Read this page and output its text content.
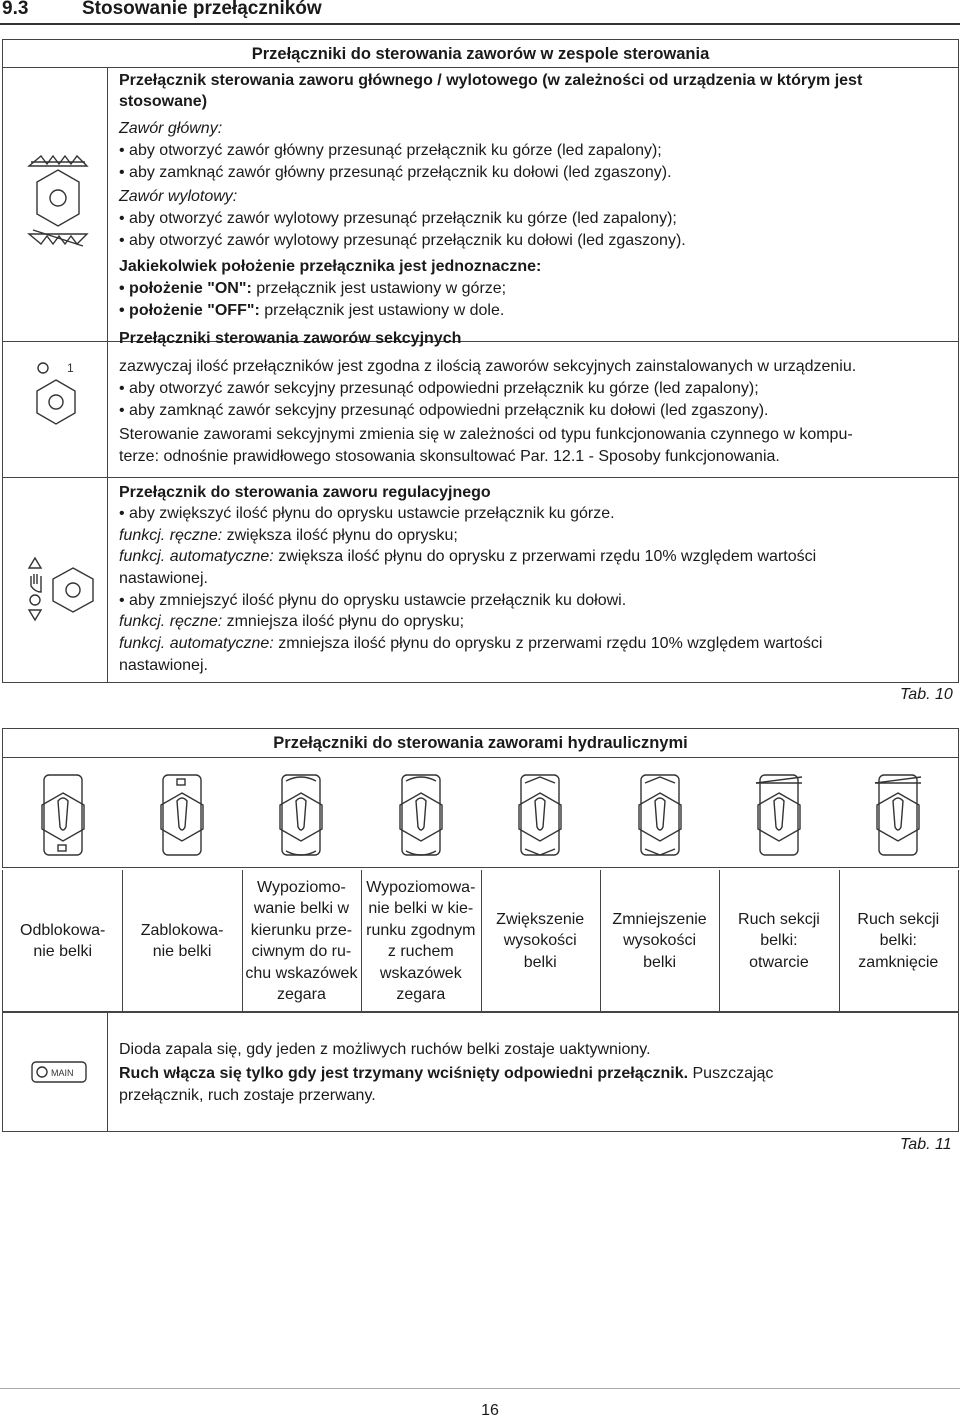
9.3	Stosowanie przełączników
Przełączniki do sterowania zaworów w zespole sterowania
1
Przełącznik sterowania zaworu głównego / wylotowego (w zależności od urządzenia w którym jest
stosowane)
Zawór główny:
• aby otworzyć zawór główny przesunąć przełącznik ku górze (led zapalony);
• aby zamknąć zawór główny przesunąć przełącznik ku dołowi (led zgaszony).
Zawór wylotowy:
• aby otworzyć zawór wylotowy przesunąć przełącznik ku górze (led zapalony);
• aby otworzyć zawór wylotowy przesunąć przełącznik ku dołowi (led zgaszony).
Jakiekolwiek położenie przełącznika jest jednoznaczne:
• położenie "ON": przełącznik jest ustawiony w górze;
• położenie "OFF": przełącznik jest ustawiony w dole.
Przełączniki sterowania zaworów sekcyjnych
zazwyczaj ilość przełączników jest zgodna z ilością zaworów sekcyjnych zainstalowanych w urządzeniu.
• aby otworzyć zawór sekcyjny przesunąć odpowiedni przełącznik ku górze (led zapalony);
• aby zamknąć zawór sekcyjny przesunąć odpowiedni przełącznik ku dołowi (led zgaszony).
Sterowanie zaworami sekcyjnymi zmienia się w zależności od typu funkcjonowania czynnego w kompu-
terze: odnośnie prawidłowego stosowania skonsultować Par. 12.1 - Sposoby funkcjonowania.
Przełącznik do sterowania zaworu regulacyjnego
• aby zwiększyć ilość płynu do oprysku ustawcie przełącznik ku górze.
funkcj. ręczne: zwiększa ilość płynu do oprysku;
funkcj. automatyczne: zwiększa ilość płynu do oprysku z przerwami rzędu 10% względem wartości
nastawionej.
• aby zmniejszyć ilość płynu do oprysku ustawcie przełącznik ku dołowi.
funkcj. ręczne: zmniejsza ilość płynu do oprysku;
funkcj. automatyczne: zmniejsza ilość płynu do oprysku z przerwami rzędu 10% względem wartości
nastawionej.
Tab. 10
Przełączniki do sterowania zaworami hydraulicznymi
Odblokowa-
nie belki
Zablokowa-
nie belki
Wypoziomo-
wanie belki w
kierunku prze-
ciwnym do ru-
chu wskazówek
zegara
Wypoziomowa-
nie belki w kie-
runku zgodnym
z ruchem
wskazówek
zegara
Zwiększenie
wysokości
belki
Zmniejszenie
wysokości
belki
Ruch sekcji
belki:
otwarcie
Ruch sekcji
belki:
zamknięcie
MAIN
Dioda zapala się, gdy jeden z możliwych ruchów belki zostaje uaktywniony.
Ruch włącza się tylko gdy jest trzymany wciśnięty odpowiedni przełącznik. Puszczając
przełącznik, ruch zostaje przerwany.
Tab. 11
16
